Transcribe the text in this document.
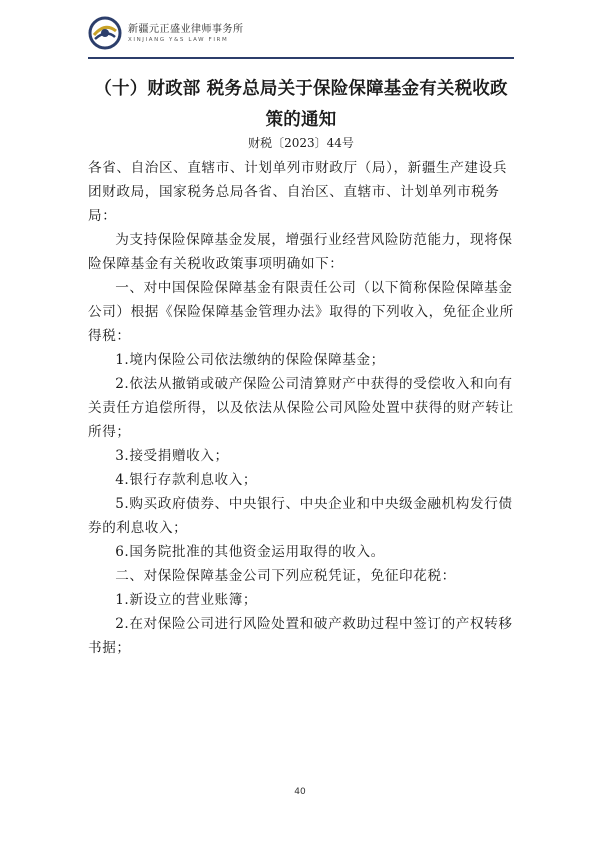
新疆元正盛业律师事务所
XINJIANG Y&S LAW FIRM
（十）财政部 税务总局关于保险保障基金有关税收政策的通知
财税〔2023〕44号

各省、自治区、直辖市、计划单列市财政厅（局），新疆生产建设兵团财政局，国家税务总局各省、自治区、直辖市、计划单列市税务局：

为支持保险保障基金发展，增强行业经营风险防范能力，现将保险保障基金有关税收政策事项明确如下：

一、对中国保险保障基金有限责任公司（以下简称保险保障基金公司）根据《保险保障基金管理办法》取得的下列收入，免征企业所得税：

1.境内保险公司依法缴纳的保险保障基金；

2.依法从撤销或破产保险公司清算财产中获得的受偿收入和向有关责任方追偿所得，以及依法从保险公司风险处置中获得的财产转让所得；

3.接受捐赠收入；

4.银行存款利息收入；

5.购买政府债券、中央银行、中央企业和中央级金融机构发行债券的利息收入；

6.国务院批准的其他资金运用取得的收入。

二、对保险保障基金公司下列应税凭证，免征印花税：

1.新设立的营业账簿；

2.在对保险公司进行风险处置和破产救助过程中签订的产权转移书据；

40
